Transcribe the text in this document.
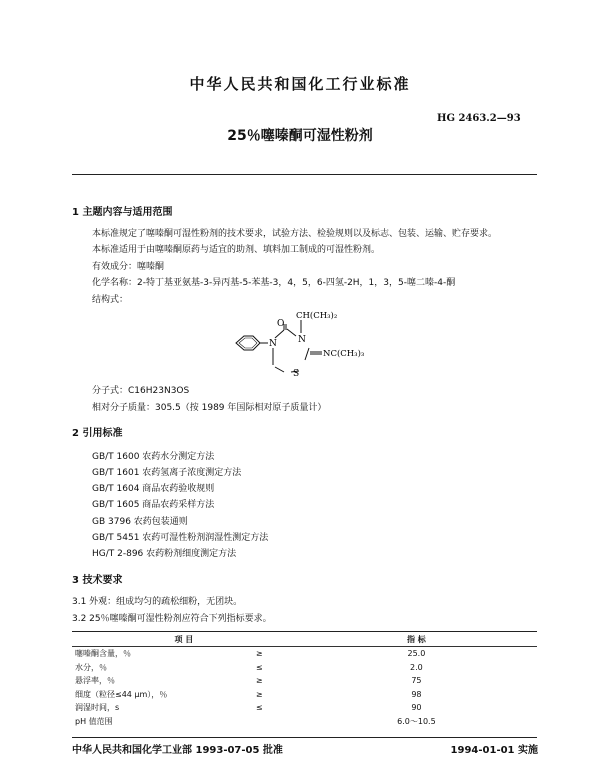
中华人民共和国化工行业标准
HG 2463.2—93
25％噻嗪酮可湿性粉剂
1 主题内容与适用范围
本标准规定了噻嗪酮可湿性粉剂的技术要求，试验方法、检验规则以及标志、包装、运输、贮存要求。
本标准适用于由噻嗪酮原药与适宜的助剂、填料加工制成的可湿性粉剂。
有效成分：噻嗪酮
化学名称：2-特丁基亚氨基-3-异丙基-5-苯基-3，4，5，6-四氢-2H，1，3，5-噻二嗪-4-酮
结构式：
O
N N
S
CH(CH₃)₂
NC(CH₃)₃
分子式：C16H23N3OS
相对分子质量：305.5（按 1989 年国际相对原子质量计）
2 引用标准
GB/T 1600 农药水分测定方法
GB/T 1601 农药氢离子浓度测定方法
GB/T 1604 商品农药验收规则
GB/T 1605 商品农药采样方法
GB 3796 农药包装通则
GB/T 5451 农药可湿性粉剂润湿性测定方法
HG/T 2-896 农药粉剂细度测定方法
3 技术要求
3.1 外观：组成均匀的疏松细粉，无团块。
3.2 25％噻嗪酮可湿性粉剂应符合下列指标要求。
项 目		指 标
噻嗪酮含量，％	≥	25.0
水分，％	≤	2.0
悬浮率，％	≥	75
细度（粒径≤44 μm），％	≥	98
润湿时间，s	≤	90
pH 值范围		6.0～10.5
中华人民共和国化学工业部 1993-07-05 批准	1994-01-01 实施
